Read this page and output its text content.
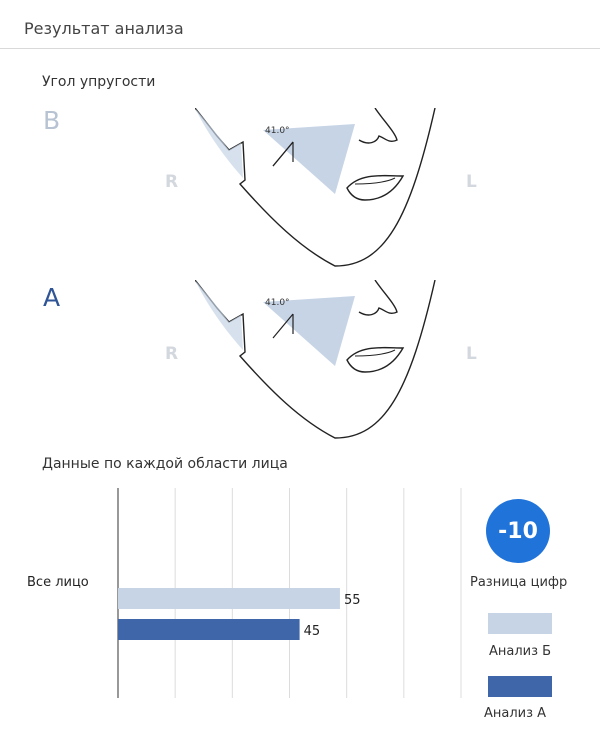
Результат анализа
Угол упругости
B
R	L
41.0°
A
R	L
41.0°
Данные по каждой области лица
55
45
Все лицо
-10
Разница цифр
Анализ Б
Анализ А
